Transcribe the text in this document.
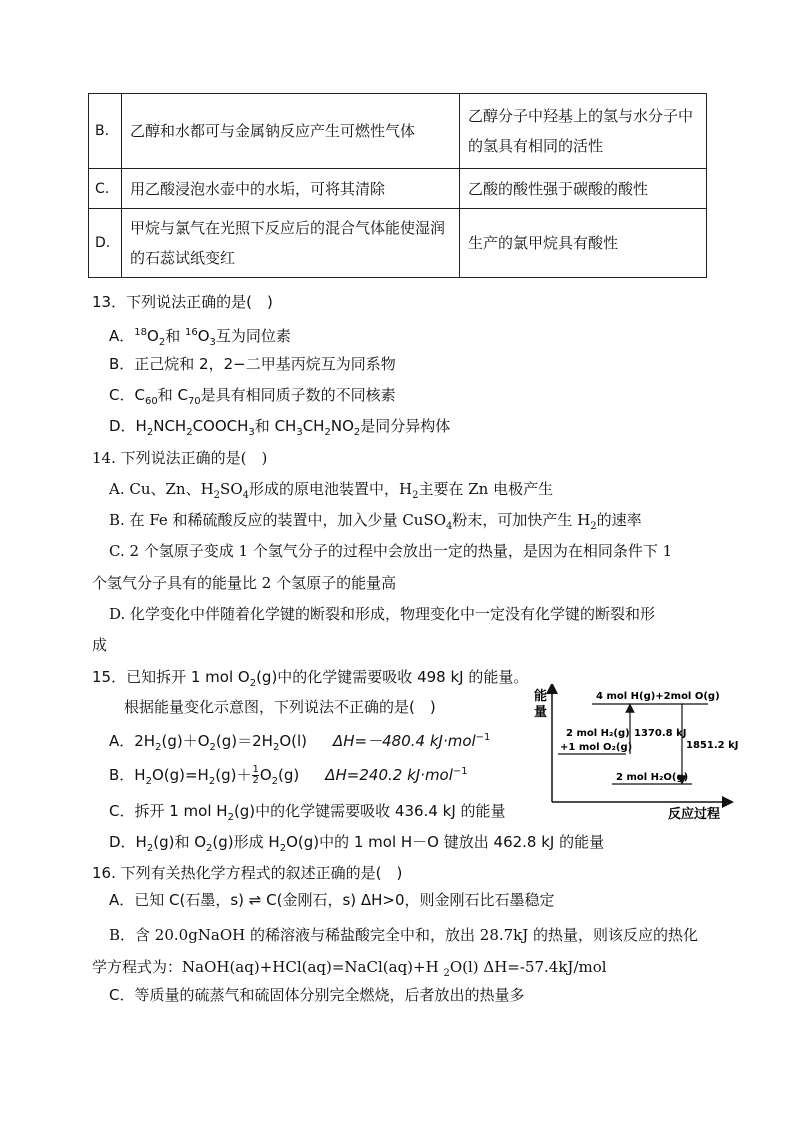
B.	乙醇和水都可与金属钠反应产生可燃性气体	乙醇分子中羟基上的氢与水分子中的氢具有相同的活性
C.	用乙酸浸泡水壶中的水垢，可将其清除	乙酸的酸性强于碳酸的酸性
D.	甲烷与氯气在光照下反应后的混合气体能使湿润的石蕊试纸变红	生产的氯甲烷具有酸性
13．下列说法正确的是(　)
A．$^{18}O_2$和 $^{16}O_3$互为同位素
B．正己烷和 2，2−二甲基丙烷互为同系物
C．$C_{60}$和 $C_{70}$是具有相同质子数的不同核素
D．$H_2NCH_2COOCH_3$和 $CH_3CH_2NO_2$是同分异构体
14. 下列说法正确的是(　)
A. Cu、Zn、$H_2SO_4$形成的原电池装置中，$H_2$主要在 Zn 电极产生
B. 在 Fe 和稀硫酸反应的装置中，加入少量 CuSO$_4$粉末，可加快产生 $H_2$的速率
C. 2 个氢原子变成 1 个氢气分子的过程中会放出一定的热量，是因为在相同条件下 1
个氢气分子具有的能量比 2 个氢原子的能量高
D. 化学变化中伴随着化学键的断裂和形成，物理变化中一定没有化学键的断裂和形
成
15．已知拆开 1 mol $O_2(g)$中的化学键需要吸收 498 kJ 的能量。
根据能量变化示意图，下列说法不正确的是(　)
A．$2H_2(g)+O_2(g)=2H_2O(l)$ ΔH=－480.4 kJ·mol$^{-1}$
B．$H_2O(g)=H_2(g)+ \frac{1}{2} O_2(g)$ ΔH=240.2 kJ·mol$^{-1}$
C．拆开 1 mol $H_2(g)$中的化学键需要吸收 436.4 kJ 的能量
D．$H_2(g)$和 $O_2(g)$形成 $H_2O(g)$中的 1 mol H－O 键放出 462.8 kJ 的能量
能
量
反应过程
4 mol H(g)+2mol O(g)
2 mol H₂(g)
+1 mol O₂(g)
2 mol H₂O(g)
1370.8 kJ
1851.2 kJ
16. 下列有关热化学方程式的叙述正确的是(　)
A．已知 C(石墨，s) ⇌ C(金刚石，s) ΔH>0，则金刚石比石墨稳定
B．含 20.0gNaOH 的稀溶液与稀盐酸完全中和，放出 28.7kJ 的热量，则该反应的热化
学方程式为：NaOH(aq)+HCl(aq)=NaCl(aq)+H $_2$O(l) ΔH=-57.4kJ/mol
C．等质量的硫蒸气和硫固体分别完全燃烧，后者放出的热量多
